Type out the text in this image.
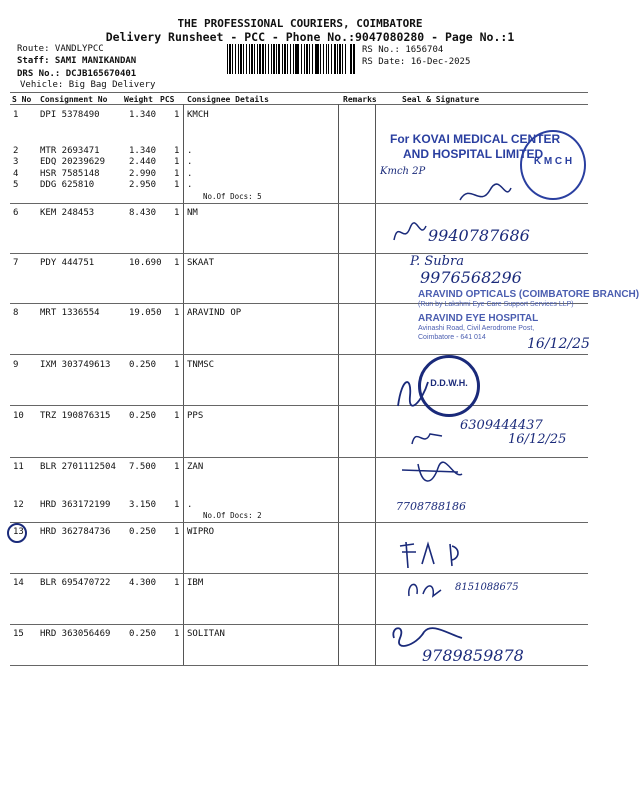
THE PROFESSIONAL COURIERS, COIMBATORE
Delivery Runsheet - PCC - Phone No.:9047080280 - Page No.:1
Route: VANDLYPCC
Staff: SAMI MANIKANDAN
DRS No.: DCJB165670401
Vehicle: Big Bag Delivery
RS No.: 1656704
RS Date: 16-Dec-2025
S No Consignment No Weight PCS Consignee Details	Remarks	Seal & Signature
1 DPI 5378490	1.340 1 KMCH
2 MTR 2693471	1.340 1 .
3 EDQ 20239629	2.440 1 .
4 HSR 7585148	2.990 1 .
5 DDG 625810	2.950 1 .
No.Of Docs: 5
6 KEM 248453	8.430 1 NM
7 PDY 444751	10.690 1 SKAAT
8 MRT 1336554	19.050 1 ARAVIND OP
9 IXM 303749613 0.250 1 TNMSC
10 TRZ 190876315 0.250 1 PPS
11 BLR 2701112504 7.500 1 ZAN
12 HRD 363172199 3.150 1 .
No.Of Docs: 2
13 HRD 362784736 0.250 1 WIPRO
14 BLR 695470722 4.300 1 IBM
15 HRD 363056469 0.250 1 SOLITAN
For KOVAI MEDICAL CENTER
AND HOSPITAL LIMITED
K M C H
Kmch 2P
9940787686
P. Subra
9976568296
ARAVIND OPTICALS (COIMBATORE BRANCH)
(Run by Lakshmi Eye Care Support Services LLP)
ARAVIND EYE HOSPITAL
Avinashi Road, Civil Aerodrome Post,
Coimbatore - 641 014	16/12/25
D.D.W.H.
6309444437
16/12/25
7708788186
8151088675
9789859878
